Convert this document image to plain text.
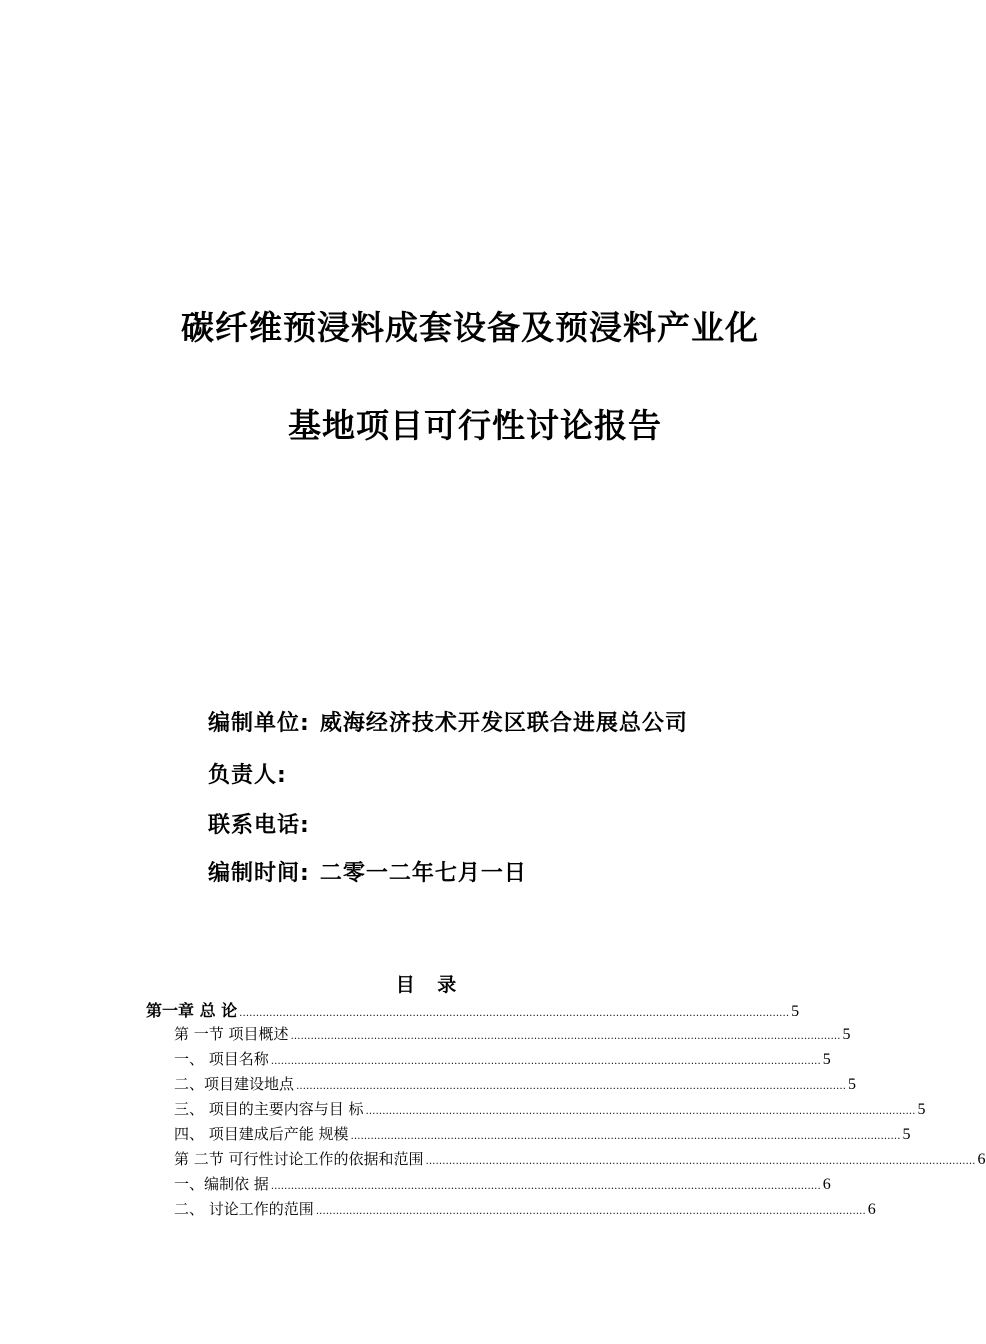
碳纤维预浸料成套设备及预浸料产业化
基地项目可行性讨论报告
编制单位: 威海经济技术开发区联合进展总公司
负责人:
联系电话:
编制时间: 二零一二年七月一日
目 录
第一章 总 论 ………………………………………………………………………………………………………………………………………………… 5
第 一节 项目概述 ………………………………………………………………………………………………………………………………………………… 5
一、 项目名称 ………………………………………………………………………………………………………………………………………………… 5
二、项目建设地点 ………………………………………………………………………………………………………………………………………………… 5
三、 项目的主要内容与目 标 ………………………………………………………………………………………………………………………………………………… 5
四、 项目建成后产能 规模 ………………………………………………………………………………………………………………………………………………… 5
第 二节 可行性讨论工作的依据和范围 ………………………………………………………………………………………………………………………………………………… 6
一、编制依 据 ………………………………………………………………………………………………………………………………………………… 6
二、 讨论工作的范围 ………………………………………………………………………………………………………………………………………………… 6
